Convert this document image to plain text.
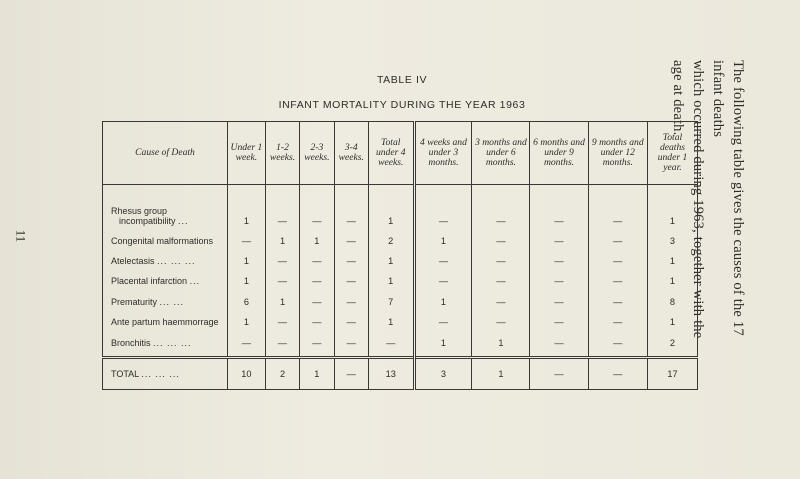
11
TABLE IV
INFANT MORTALITY DURING THE YEAR 1963	The following table gives the causes of the 17 infant deaths
which occurred during 1963, together with the age at death.
Cause of Death	Under 1 week.	1-2 weeks.	2-3 weeks.	3-4 weeks.	Total under 4 weeks.	4 weeks and under 3 months.	3 months and under 6 months.	6 months and under 9 months.	9 months and under 12 months.	Total deaths under 1 year.
Rhesus group
incompatibility ...	1	—	—	—	1	—	—	—	—	1
Congenital malformations	—	1	1	—	2	1	—	—	—	3
Atelectasis ... ... ...	1	—	—	—	1	—	—	—	—	1
Placental infarction ...	1	—	—	—	1	—	—	—	—	1
Prematurity ... ...	6	1	—	—	7	1	—	—	—	8
Ante partum haemmorrage	1	—	—	—	1	—	—	—	—	1
Bronchitis ... ... ...	—	—	—	—	—	1	1	—	—	2
TOTAL ... ... ...	10	2	1	—	13	3	1	—	—	17
